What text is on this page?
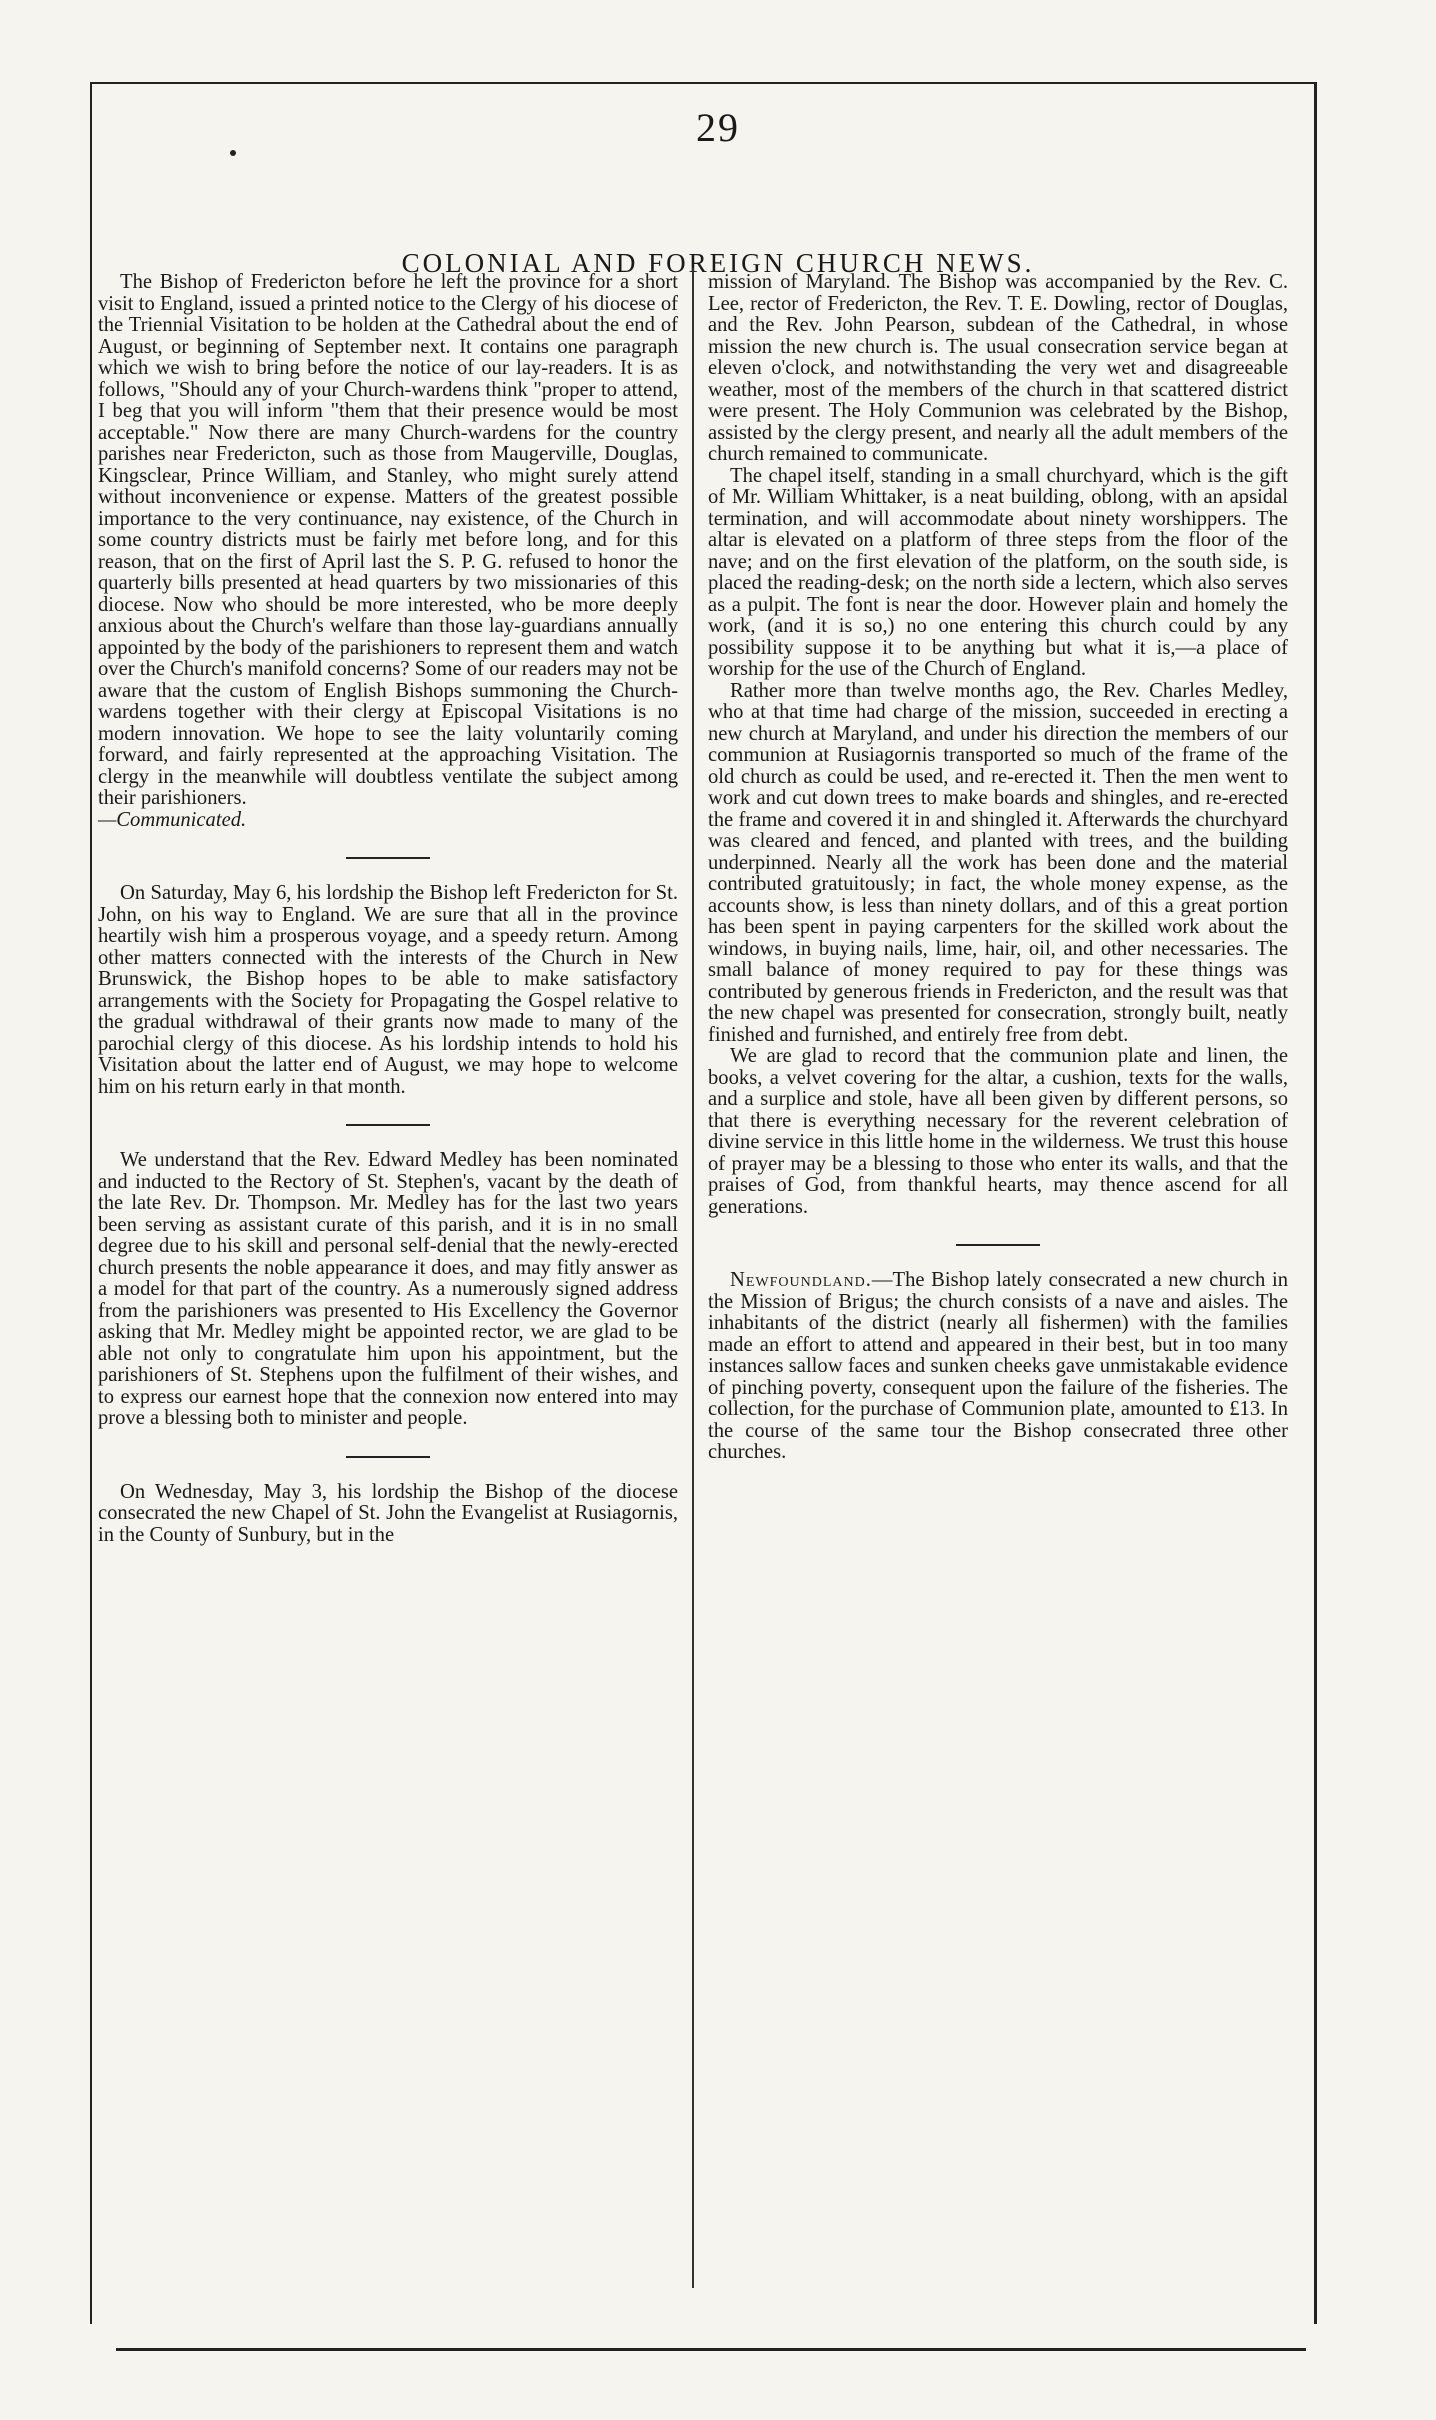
29
COLONIAL AND FOREIGN CHURCH NEWS.

The Bishop of Fredericton before he left the province for a short visit to England, issued a printed notice to the Clergy of his diocese of the Triennial Visitation to be holden at the Cathedral about the end of August, or beginning of September next. It contains one paragraph which we wish to bring before the notice of our lay-readers. It is as follows, "Should any of your Church-wardens think "proper to attend, I beg that you will inform "them that their presence would be most acceptable." Now there are many Church-wardens for the country parishes near Fredericton, such as those from Maugerville, Douglas, Kingsclear, Prince William, and Stanley, who might surely attend without inconvenience or expense. Matters of the greatest possible importance to the very continuance, nay existence, of the Church in some country districts must be fairly met before long, and for this reason, that on the first of April last the S. P. G. refused to honor the quarterly bills presented at head quarters by two missionaries of this diocese. Now who should be more interested, who be more deeply anxious about the Church's welfare than those lay-guardians annually appointed by the body of the parishioners to represent them and watch over the Church's manifold concerns? Some of our readers may not be aware that the custom of English Bishops summoning the Church-wardens together with their clergy at Episcopal Visitations is no modern innovation. We hope to see the laity voluntarily coming forward, and fairly represented at the approaching Visitation. The clergy in the meanwhile will doubtless ventilate the subject among their parishioners.

—Communicated.

On Saturday, May 6, his lordship the Bishop left Fredericton for St. John, on his way to England. We are sure that all in the province heartily wish him a prosperous voyage, and a speedy return. Among other matters connected with the interests of the Church in New Brunswick, the Bishop hopes to be able to make satisfactory arrangements with the Society for Propagating the Gospel relative to the gradual withdrawal of their grants now made to many of the parochial clergy of this diocese. As his lordship intends to hold his Visitation about the latter end of August, we may hope to welcome him on his return early in that month.

We understand that the Rev. Edward Medley has been nominated and inducted to the Rectory of St. Stephen's, vacant by the death of the late Rev. Dr. Thompson. Mr. Medley has for the last two years been serving as assistant curate of this parish, and it is in no small degree due to his skill and personal self-denial that the newly-erected church presents the noble appearance it does, and may fitly answer as a model for that part of the country. As a numerously signed address from the parishioners was presented to His Excellency the Governor asking that Mr. Medley might be appointed rector, we are glad to be able not only to congratulate him upon his appointment, but the parishioners of St. Stephens upon the fulfilment of their wishes, and to express our earnest hope that the connexion now entered into may prove a blessing both to minister and people.

On Wednesday, May 3, his lordship the Bishop of the diocese consecrated the new Chapel of St. John the Evangelist at Rusiagornis, in the County of Sunbury, but in the

mission of Maryland. The Bishop was accompanied by the Rev. C. Lee, rector of Fredericton, the Rev. T. E. Dowling, rector of Douglas, and the Rev. John Pearson, subdean of the Cathedral, in whose mission the new church is. The usual consecration service began at eleven o'clock, and notwithstanding the very wet and disagreeable weather, most of the members of the church in that scattered district were present. The Holy Communion was celebrated by the Bishop, assisted by the clergy present, and nearly all the adult members of the church remained to communicate.

The chapel itself, standing in a small churchyard, which is the gift of Mr. William Whittaker, is a neat building, oblong, with an apsidal termination, and will accommodate about ninety worshippers. The altar is elevated on a platform of three steps from the floor of the nave; and on the first elevation of the platform, on the south side, is placed the reading-desk; on the north side a lectern, which also serves as a pulpit. The font is near the door. However plain and homely the work, (and it is so,) no one entering this church could by any possibility suppose it to be anything but what it is,—a place of worship for the use of the Church of England.

Rather more than twelve months ago, the Rev. Charles Medley, who at that time had charge of the mission, succeeded in erecting a new church at Maryland, and under his direction the members of our communion at Rusiagornis transported so much of the frame of the old church as could be used, and re-erected it. Then the men went to work and cut down trees to make boards and shingles, and re-erected the frame and covered it in and shingled it. Afterwards the churchyard was cleared and fenced, and planted with trees, and the building underpinned. Nearly all the work has been done and the material contributed gratuitously; in fact, the whole money expense, as the accounts show, is less than ninety dollars, and of this a great portion has been spent in paying carpenters for the skilled work about the windows, in buying nails, lime, hair, oil, and other necessaries. The small balance of money required to pay for these things was contributed by generous friends in Fredericton, and the result was that the new chapel was presented for consecration, strongly built, neatly finished and furnished, and entirely free from debt.

We are glad to record that the communion plate and linen, the books, a velvet covering for the altar, a cushion, texts for the walls, and a surplice and stole, have all been given by different persons, so that there is everything necessary for the reverent celebration of divine service in this little home in the wilderness. We trust this house of prayer may be a blessing to those who enter its walls, and that the praises of God, from thankful hearts, may thence ascend for all generations.

Newfoundland.—The Bishop lately consecrated a new church in the Mission of Brigus; the church consists of a nave and aisles. The inhabitants of the district (nearly all fishermen) with the families made an effort to attend and appeared in their best, but in too many instances sallow faces and sunken cheeks gave unmistakable evidence of pinching poverty, consequent upon the failure of the fisheries. The collection, for the purchase of Communion plate, amounted to £13. In the course of the same tour the Bishop consecrated three other churches.
